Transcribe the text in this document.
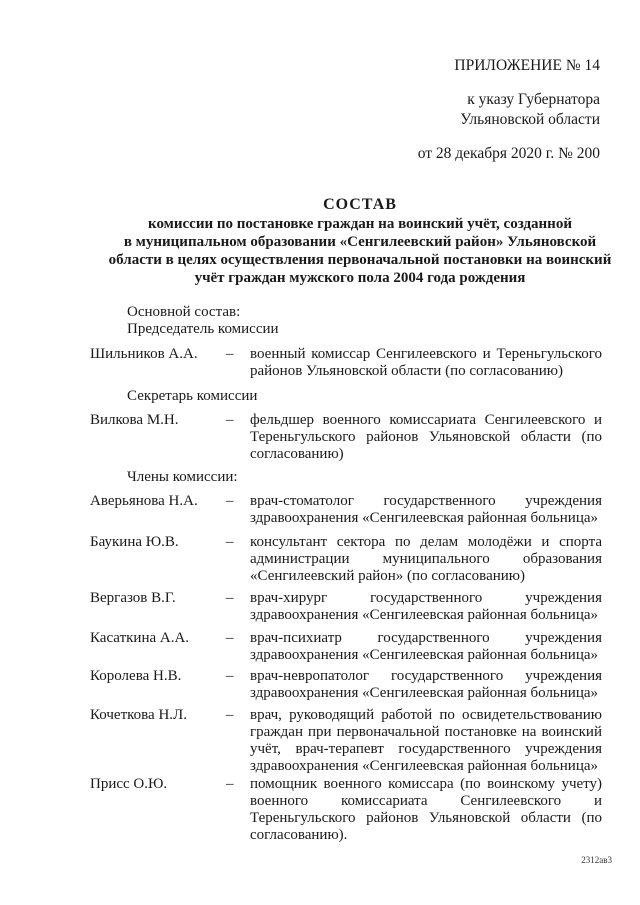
ПРИЛОЖЕНИЕ № 14
к указу Губернатора
Ульяновской области
от 28 декабря 2020 г. № 200
СОСТАВ
комиссии по постановке граждан на воинский учёт, созданной
в муниципальном образовании «Сенгилеевский район» Ульяновской
области в целях осуществления первоначальной постановки на воинский
учёт граждан мужского пола 2004 года рождения
Основной состав:
Председатель комиссии
Шильников А.А. – военный комиссар Сенгилеевского и Тереньгульского районов Ульяновской области (по согласованию)
Секретарь комиссии
Вилкова М.Н.	– фельдшер военного комиссариата Сенгилеевского и Тереньгульского районов Ульяновской области (по согласованию)
Члены комиссии:
Аверьянова Н.А. – врач-стоматолог государственного учреждения здравоохранения «Сенгилеевская районная больница»
Баукина Ю.В.	– консультант сектора по делам молодёжи и спорта администрации муниципального образования «Сенгилеевский район» (по согласованию)
Вергазов В.Г.	– врач-хирург государственного учреждения здравоохранения «Сенгилеевская районная больница»
Касаткина А.А. – врач-психиатр государственного учреждения здравоохранения «Сенгилеевская районная больница»
Королева Н.В.	– врач-невропатолог государственного учреждения здравоохранения «Сенгилеевская районная больница»
Кочеткова Н.Л.	– врач, руководящий работой по освидетельствованию граждан при первоначальной постановке на воинский учёт, врач-терапевт государственного учреждения здравоохранения «Сенгилеевская районная больница»
Присс О.Ю.	– помощник военного комиссара (по воинскому учету) военного комиссариата Сенгилеевского и Тереньгульского районов Ульяновской области (по согласованию).
2312ав3
